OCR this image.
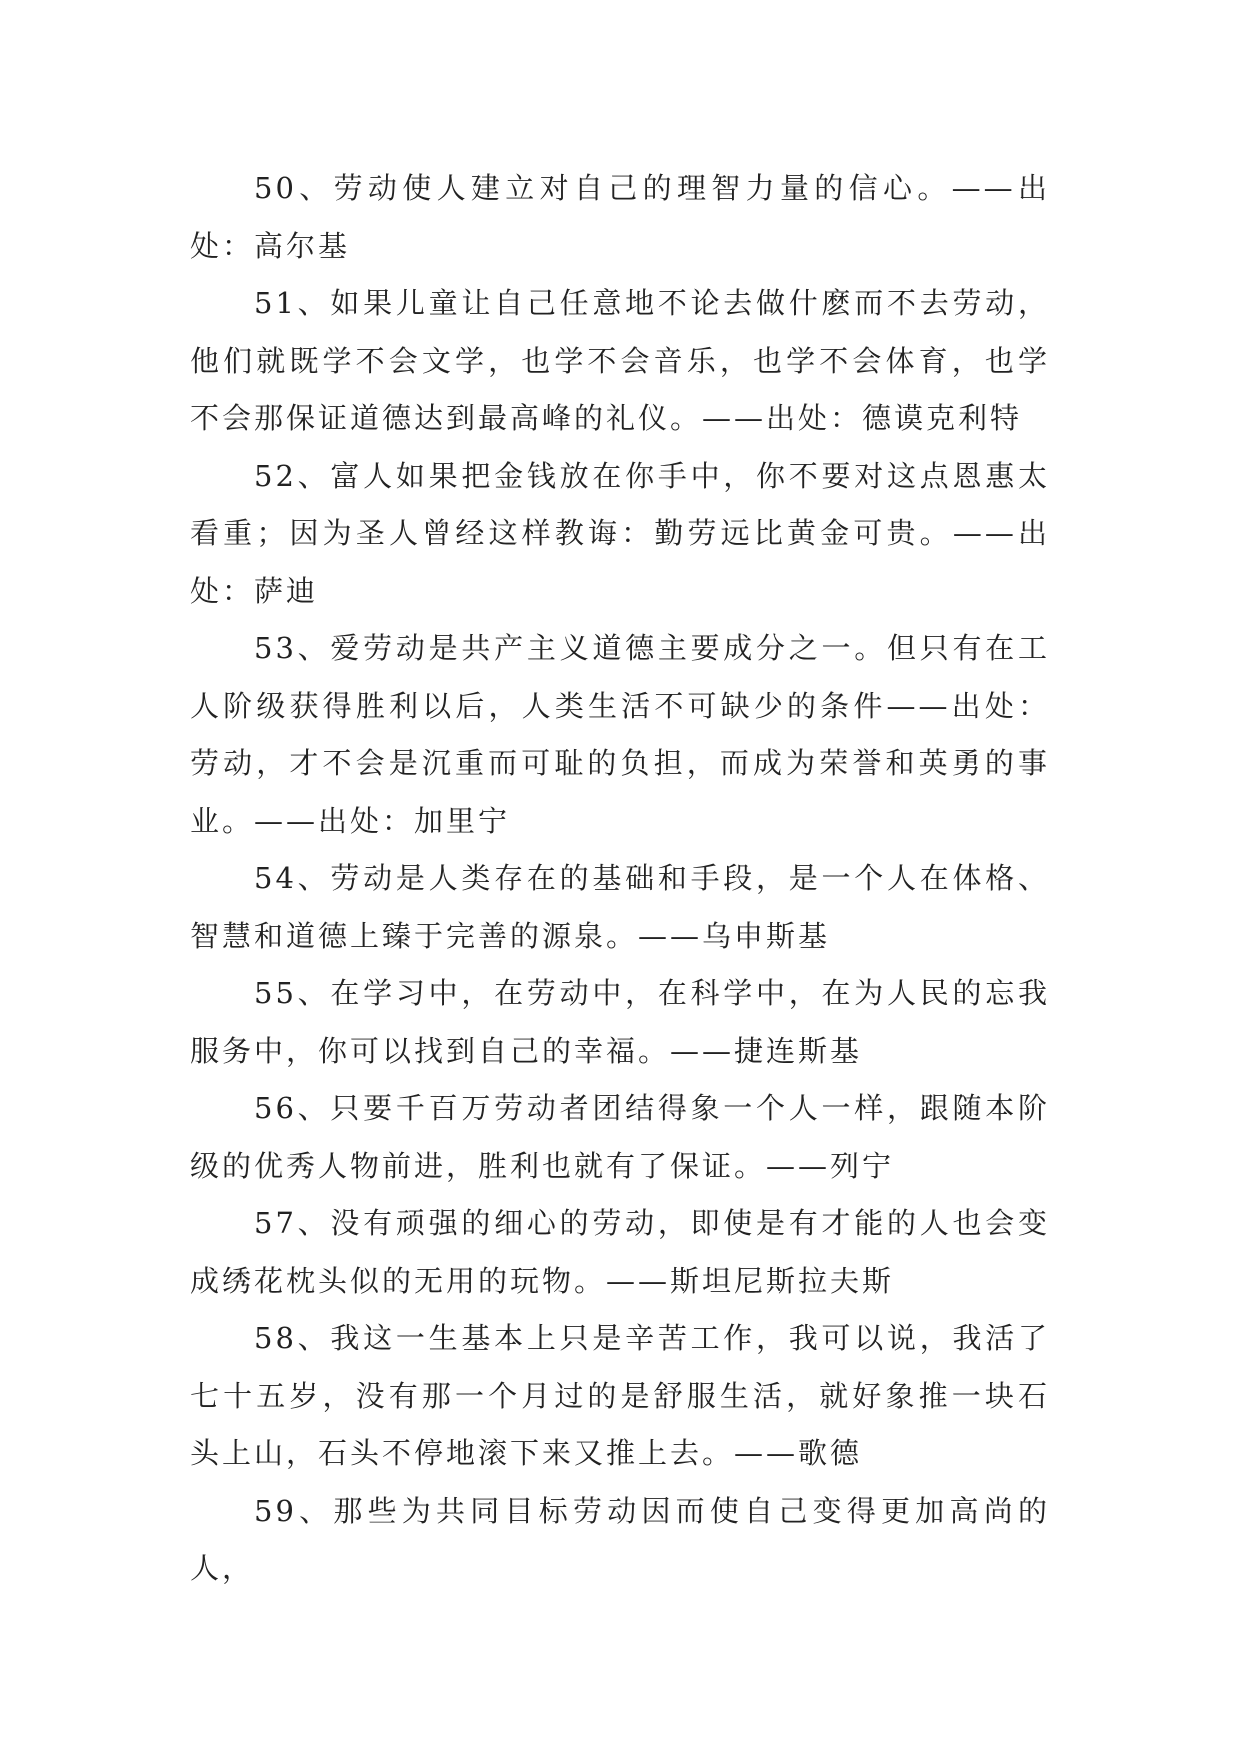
50、劳动使人建立对自己的理智力量的信心。——出处：高尔基

51、如果儿童让自己任意地不论去做什麽而不去劳动，他们就既学不会文学，也学不会音乐，也学不会体育，也学不会那保证道德达到最高峰的礼仪。——出处：德谟克利特

52、富人如果把金钱放在你手中，你不要对这点恩惠太看重；因为圣人曾经这样教诲：勤劳远比黄金可贵。——出处：萨迪

53、爱劳动是共产主义道德主要成分之一。但只有在工人阶级获得胜利以后，人类生活不可缺少的条件——出处：劳动，才不会是沉重而可耻的负担，而成为荣誉和英勇的事业。——出处：加里宁

54、劳动是人类存在的基础和手段，是一个人在体格、智慧和道德上臻于完善的源泉。——乌申斯基

55、在学习中，在劳动中，在科学中，在为人民的忘我服务中，你可以找到自己的幸福。——捷连斯基

56、只要千百万劳动者团结得象一个人一样，跟随本阶级的优秀人物前进，胜利也就有了保证。——列宁

57、没有顽强的细心的劳动，即使是有才能的人也会变成绣花枕头似的无用的玩物。——斯坦尼斯拉夫斯

58、我这一生基本上只是辛苦工作，我可以说，我活了七十五岁，没有那一个月过的是舒服生活，就好象推一块石头上山，石头不停地滚下来又推上去。——歌德

59、那些为共同目标劳动因而使自己变得更加高尚的人，
